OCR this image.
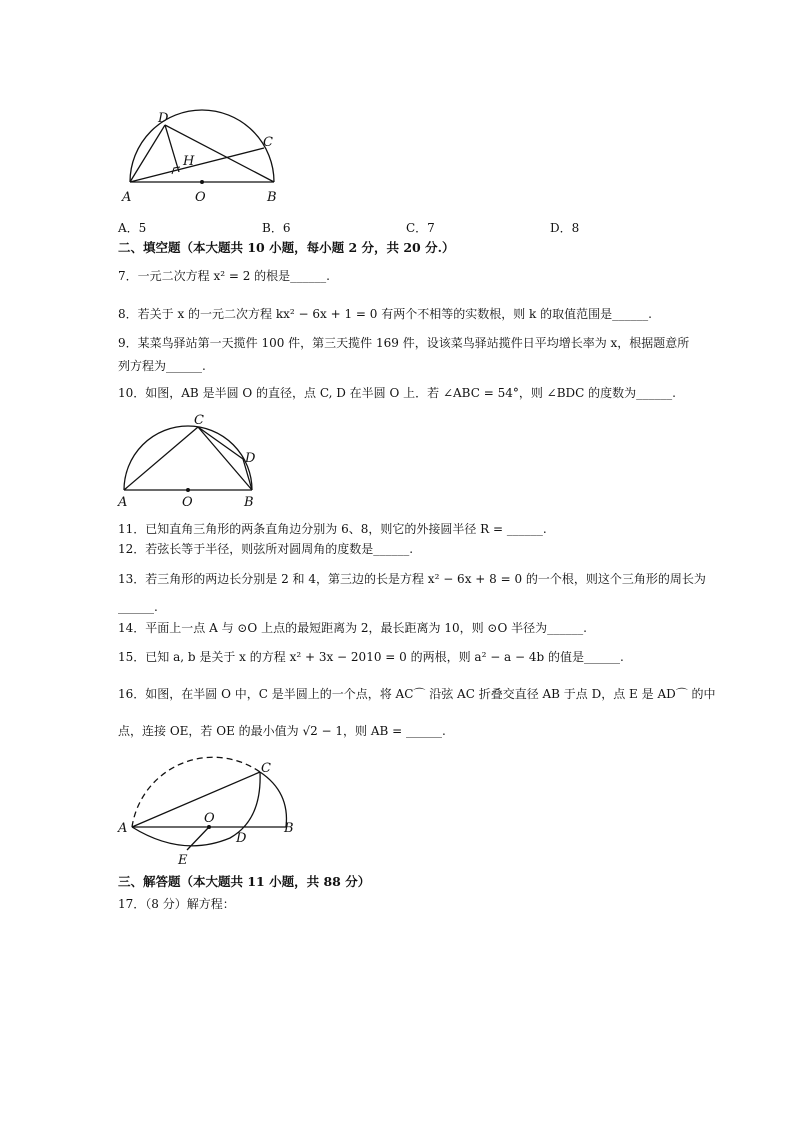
A	B
C
D
H
O
A．5	B．6	C．7	D．8
二、填空题（本大题共 10 小题，每小题 2 分，共 20 分.）
7．一元二次方程 x² = 2 的根是______.
8．若关于 x 的一元二次方程 kx² − 6x + 1 = 0 有两个不相等的实数根，则 k 的取值范围是______.
9．某菜鸟驿站第一天揽件 100 件，第三天揽件 169 件，设该菜鸟驿站揽件日平均增长率为 x，根据题意所
列方程为______.
10．如图，AB 是半圆 O 的直径，点 C, D 在半圆 O 上．若 ∠ABC = 54°，则 ∠BDC 的度数为______.
A	B
C
D
O
11．已知直角三角形的两条直角边分别为 6、8，则它的外接圆半径 R = ______.
12．若弦长等于半径，则弦所对圆周角的度数是______.
13．若三角形的两边长分别是 2 和 4，第三边的长是方程 x² − 6x + 8 = 0 的一个根，则这个三角形的周长为
______.
14．平面上一点 A 与 ⊙O 上点的最短距离为 2，最长距离为 10，则 ⊙O 半径为______.
15．已知 a, b 是关于 x 的方程 x² + 3x − 2010 = 0 的两根，则 a² − a − 4b 的值是______.
16．如图，在半圆 O 中，C 是半圆上的一个点，将 AC⌒ 沿弦 AC 折叠交直径 AB 于点 D，点 E 是 AD⌒ 的中
点，连接 OE，若 OE 的最小值为 √2 − 1，则 AB = ______.
A	B
C
D
E
O
三、解答题（本大题共 11 小题，共 88 分）
17．（8 分）解方程：
